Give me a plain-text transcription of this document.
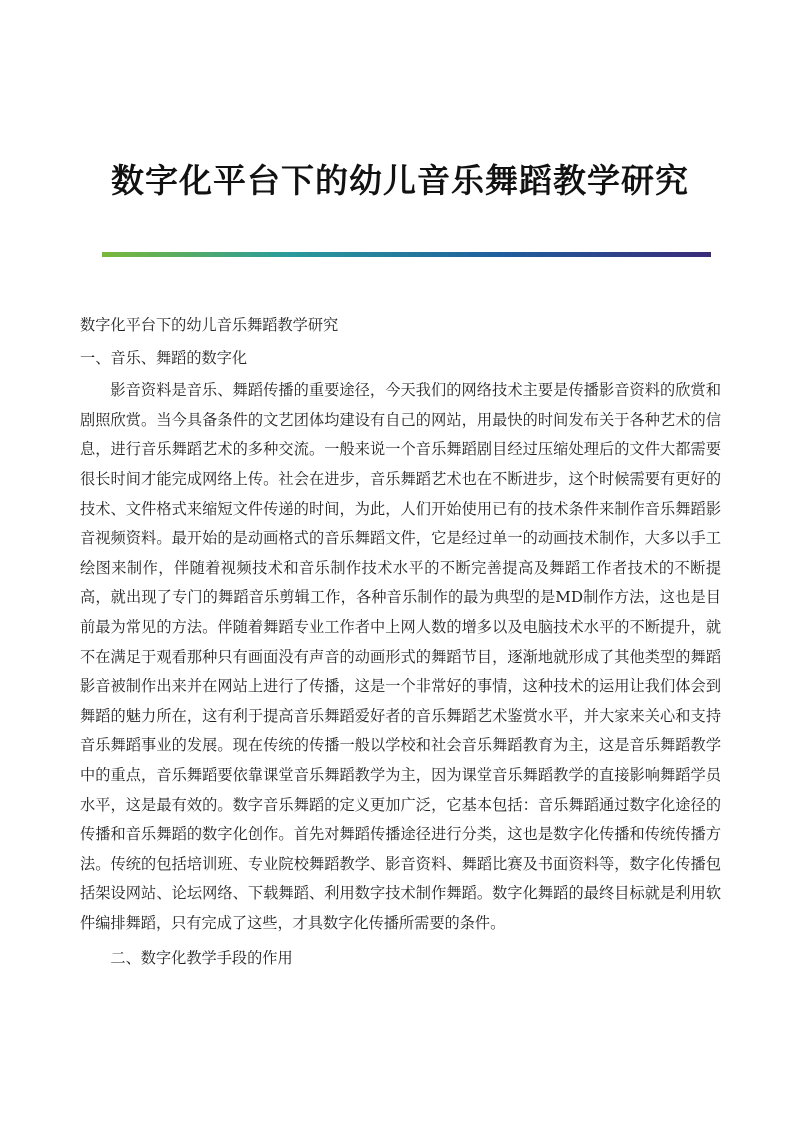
数字化平台下的幼儿音乐舞蹈教学研究

数字化平台下的幼儿音乐舞蹈教学研究

一、音乐、舞蹈的数字化

影音资料是音乐、舞蹈传播的重要途径，今天我们的网络技术主要是传播影音资料的欣赏和剧照欣赏。当今具备条件的文艺团体均建设有自己的网站，用最快的时间发布关于各种艺术的信息，进行音乐舞蹈艺术的多种交流。一般来说一个音乐舞蹈剧目经过压缩处理后的文件大都需要很长时间才能完成网络上传。社会在进步，音乐舞蹈艺术也在不断进步，这个时候需要有更好的技术、文件格式来缩短文件传递的时间，为此，人们开始使用已有的技术条件来制作音乐舞蹈影音视频资料。最开始的是动画格式的音乐舞蹈文件，它是经过单一的动画技术制作，大多以手工绘图来制作，伴随着视频技术和音乐制作技术水平的不断完善提高及舞蹈工作者技术的不断提高，就出现了专门的舞蹈音乐剪辑工作，各种音乐制作的最为典型的是MD制作方法，这也是目前最为常见的方法。伴随着舞蹈专业工作者中上网人数的增多以及电脑技术水平的不断提升，就不在满足于观看那种只有画面没有声音的动画形式的舞蹈节目，逐渐地就形成了其他类型的舞蹈影音被制作出来并在网站上进行了传播，这是一个非常好的事情，这种技术的运用让我们体会到舞蹈的魅力所在，这有利于提高音乐舞蹈爱好者的音乐舞蹈艺术鉴赏水平，并大家来关心和支持音乐舞蹈事业的发展。现在传统的传播一般以学校和社会音乐舞蹈教育为主，这是音乐舞蹈教学中的重点，音乐舞蹈要依靠课堂音乐舞蹈教学为主，因为课堂音乐舞蹈教学的直接影响舞蹈学员水平，这是最有效的。数字音乐舞蹈的定义更加广泛，它基本包括：音乐舞蹈通过数字化途径的传播和音乐舞蹈的数字化创作。首先对舞蹈传播途径进行分类，这也是数字化传播和传统传播方法。传统的包括培训班、专业院校舞蹈教学、影音资料、舞蹈比赛及书面资料等，数字化传播包括架设网站、论坛网络、下载舞蹈、利用数字技术制作舞蹈。数字化舞蹈的最终目标就是利用软件编排舞蹈，只有完成了这些，才具数字化传播所需要的条件。

二、数字化教学手段的作用
